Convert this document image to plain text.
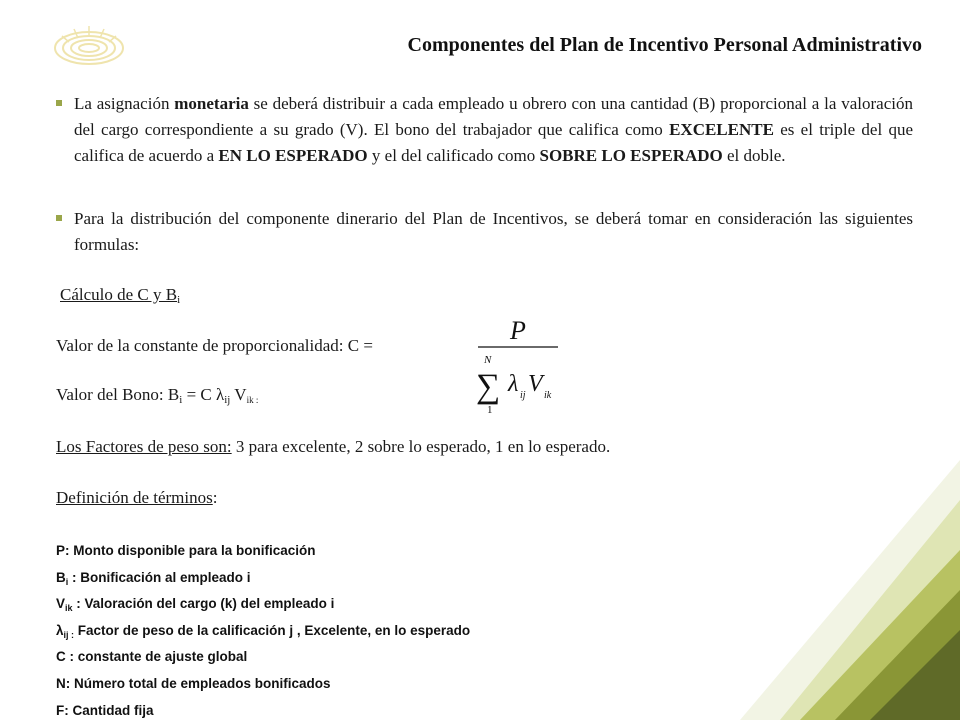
Componentes del Plan de Incentivo Personal Administrativo
La asignación monetaria se deberá distribuir a cada empleado u obrero con una cantidad (B) proporcional a la valoración del cargo correspondiente a su grado (V). El bono del trabajador que califica como EXCELENTE es el triple del que califica de acuerdo a EN LO ESPERADO y el del calificado como SOBRE LO ESPERADO el doble.
Para la distribución del componente dinerario del Plan de Incentivos, se deberá tomar en consideración las siguientes formulas:
Cálculo de C y $B_i$
Valor de la constante de proporcionalidad: C =
Valor del Bono: $B_i = C$ $\lambda_{ij}$ Vik :
P
N
∑
1
λ ij V ik
Los Factores de peso son: 3 para excelente, 2 sobre lo esperado, 1 en lo esperado.
Definición de términos:
P: Monto disponible para la bonificación
$B_i$ : Bonificación al empleado i
$V_{ik}$ : Valoración del cargo (k) del empleado i
$\lambda_{ij :}$ Factor de peso de la calificación j , Excelente, en lo esperado
C : constante de ajuste global
N: Número total de empleados bonificados
F: Cantidad fija
